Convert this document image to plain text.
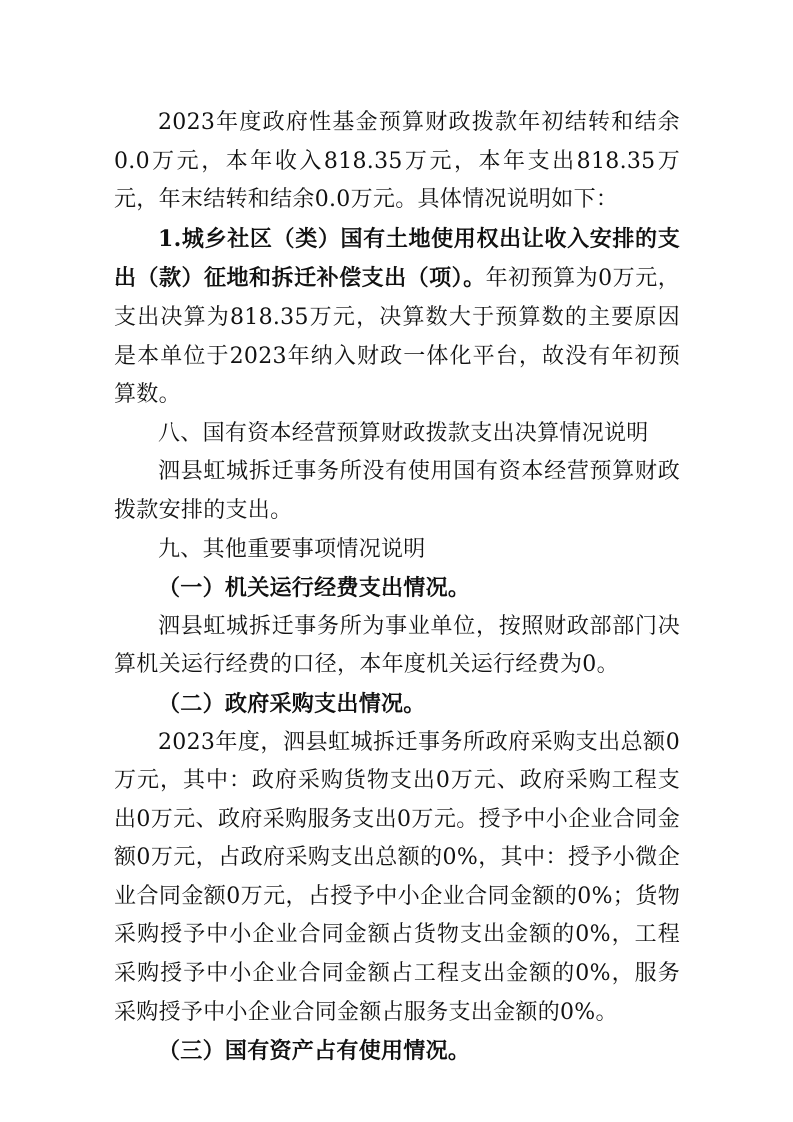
2023年度政府性基金预算财政拨款年初结转和结余0.0万元，本年收入818.35万元，本年支出818.35万元，年末结转和结余0.0万元。具体情况说明如下：

1.城乡社区（类）国有土地使用权出让收入安排的支出（款）征地和拆迁补偿支出（项）。年初预算为0万元，支出决算为818.35万元，决算数大于预算数的主要原因是本单位于2023年纳入财政一体化平台，故没有年初预算数。

八、国有资本经营预算财政拨款支出决算情况说明

泗县虹城拆迁事务所没有使用国有资本经营预算财政拨款安排的支出。

九、其他重要事项情况说明

（一）机关运行经费支出情况。

泗县虹城拆迁事务所为事业单位，按照财政部部门决算机关运行经费的口径，本年度机关运行经费为0。

（二）政府采购支出情况。

2023年度，泗县虹城拆迁事务所政府采购支出总额0万元，其中：政府采购货物支出0万元、政府采购工程支出0万元、政府采购服务支出0万元。授予中小企业合同金额0万元，占政府采购支出总额的0%，其中：授予小微企业合同金额0万元，占授予中小企业合同金额的0%；货物采购授予中小企业合同金额占货物支出金额的0%，工程采购授予中小企业合同金额占工程支出金额的0%，服务采购授予中小企业合同金额占服务支出金额的0%。

（三）国有资产占有使用情况。
